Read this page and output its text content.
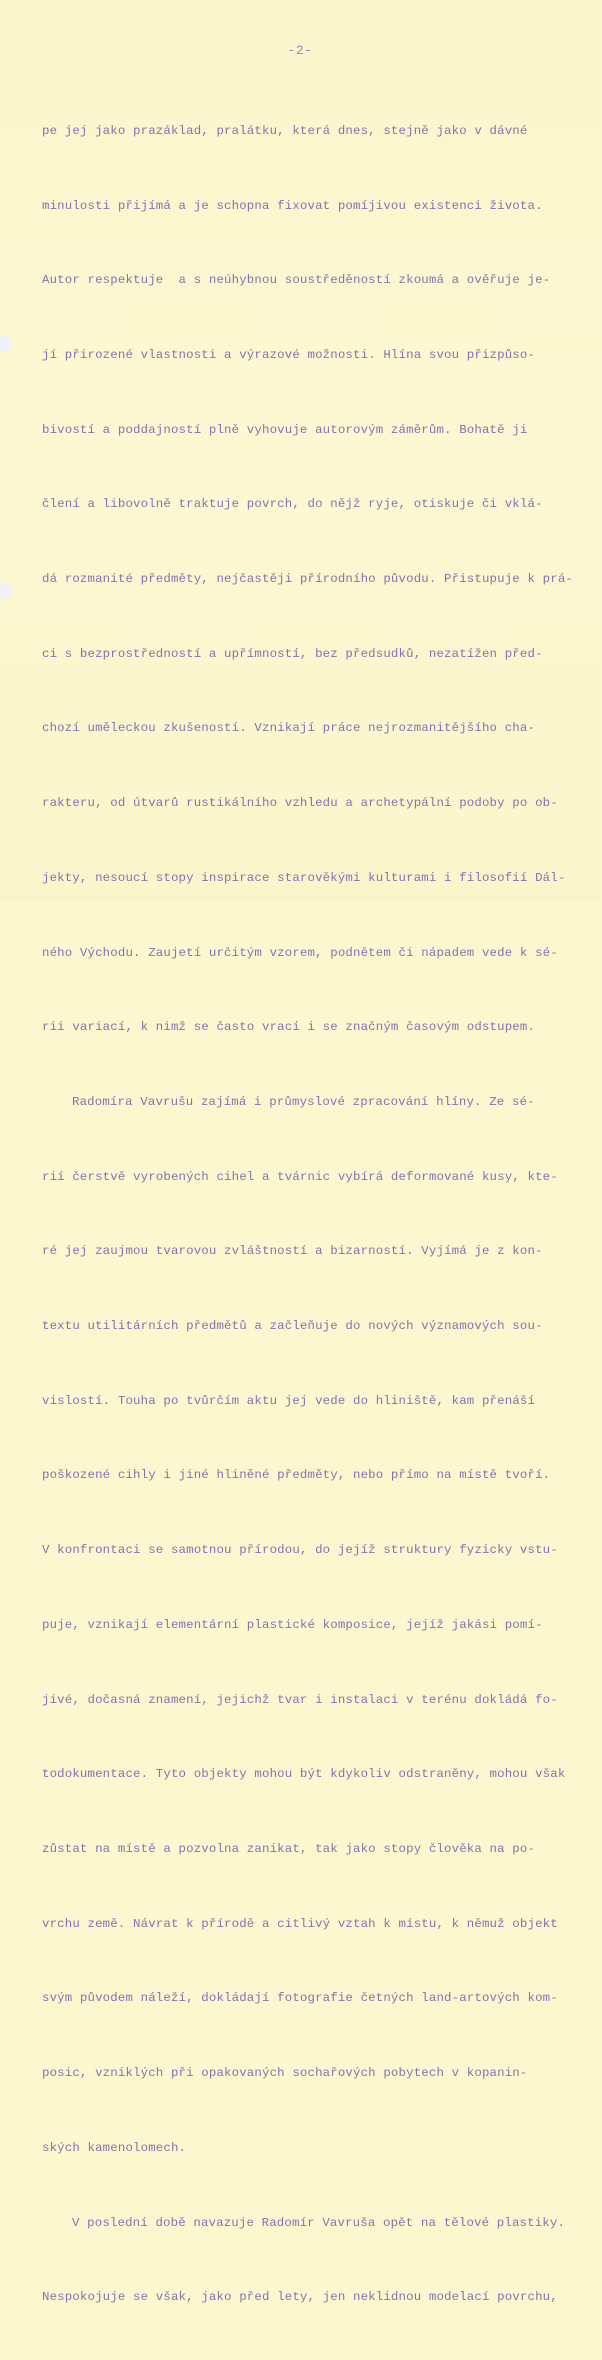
-2-

pe jej jako prazáklad, pralátku, která dnes, stejně jako v dávné

minulosti přijímá a je schopna fixovat pomíjivou existenci života.

Autor respektuje  a s neúhybnou soustředěností zkoumá a ověřuje je-

jí přirozené vlastnosti a výrazové možnosti. Hlína svou přizpůso-

bivostí a poddajností plně vyhovuje autorovým záměrům. Bohatě ji

člení a libovolně traktuje povrch, do nějž ryje, otiskuje či vklá-

dá rozmanité předměty, nejčastěji přírodního původu. Přistupuje k prá-

ci s bezprostředností a upřímností, bez předsudků, nezatížen před-

chozí uměleckou zkušeností. Vznikají práce nejrozmanitějšího cha-

rakteru, od útvarů rustikálního vzhledu a archetypální podoby po ob-

jekty, nesoucí stopy inspirace starověkými kulturami i filosofií Dál-

ného Východu. Zaujetí určitým vzorem, podnětem či nápadem vede k sé-

rii variací, k nimž se často vrací i se značným časovým odstupem.

Radomíra Vavrušu zajímá i průmyslové zpracování hlíny. Ze sé-

rií čerstvě vyrobených cihel a tvárnic vybírá deformované kusy, kte-

ré jej zaujmou tvarovou zvláštností a bizarností. Vyjímá je z kon-

textu utilitárních předmětů a začleňuje do nových významových sou-

vislostí. Touha po tvůrčím aktu jej vede do hliniště, kam přenáší

poškozené cihly i jiné hliněné předměty, nebo přímo na místě tvoří.

V konfrontaci se samotnou přírodou, do jejíž struktury fyzicky vstu-

puje, vznikají elementární plastické komposice, jejíž jakási pomí-

jivé, dočasná znamení, jejichž tvar i instalaci v terénu dokládá fo-

todokumentace. Tyto objekty mohou být kdykoliv odstraněny, mohou však

zůstat na místě a pozvolna zanikat, tak jako stopy člověka na po-

vrchu země. Návrat k přírodě a citlivý vztah k místu, k němuž objekt

svým původem náleží, dokládají fotografie četných land-artových kom-

posic, vzniklých při opakovaných sochařových pobytech v kopanin-

ských kamenolomech.

V poslední době navazuje Radomír Vavruša opět na tělové plastiky.

Nespokojuje se však, jako před lety, jen neklidnou modelací povrchu,
